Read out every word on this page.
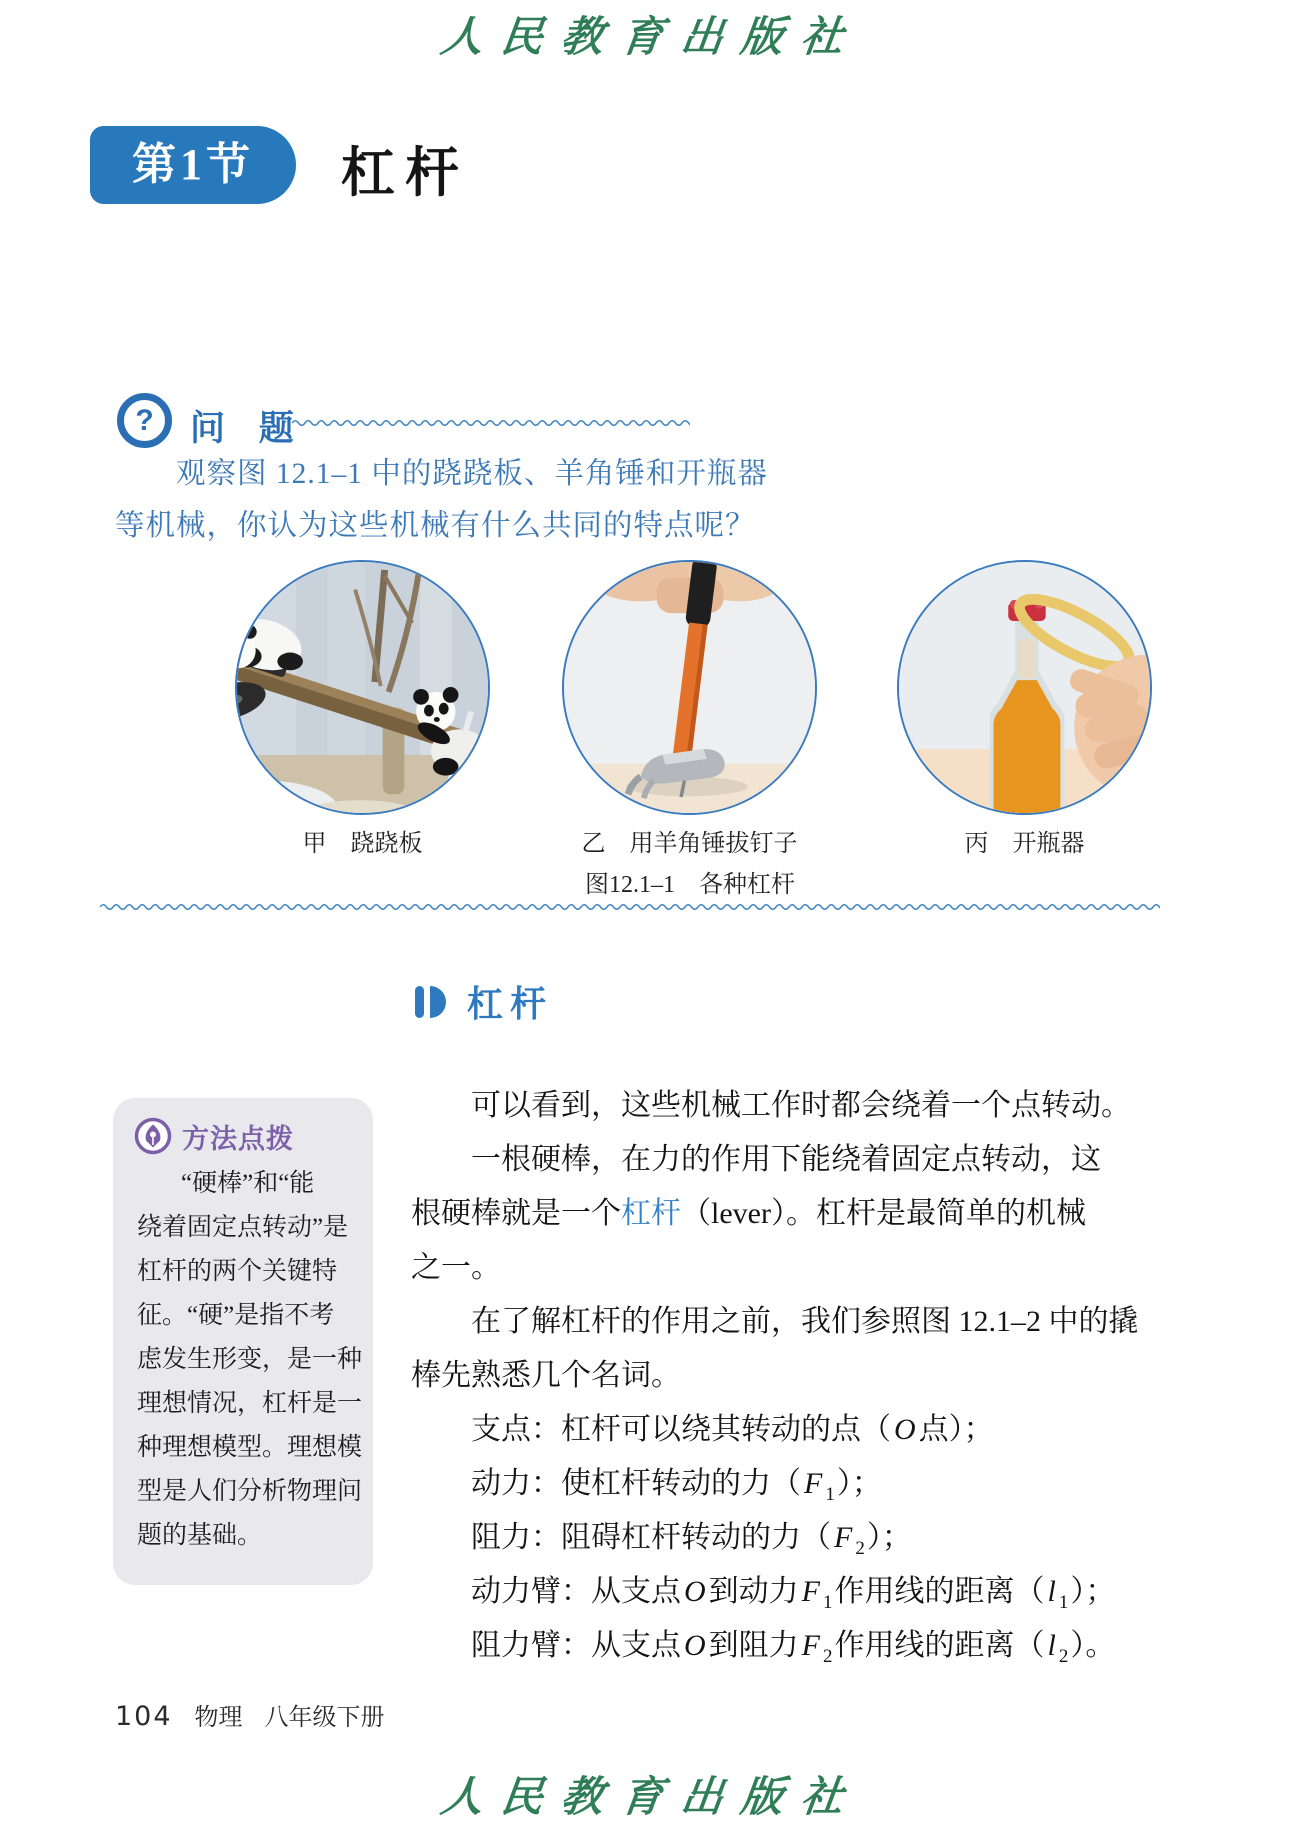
人民教育出版社
第1节	杠杆
? 问 题
观察图 12.1–1 中的跷跷板、羊角锤和开瓶器
等机械，你认为这些机械有什么共同的特点呢？
甲　跷跷板	乙　用羊角锤拔钉子	丙　开瓶器
图12.1–1　各种杠杆
杠杆
方法点拨
“硬棒”和“能
绕着固定点转动”是
杠杆的两个关键特
征。“硬”是指不考
虑发生形变，是一种
理想情况，杠杆是一
种理想模型。理想模
型是人们分析物理问
题的基础。
可以看到，这些机械工作时都会绕着一个点转动。
一根硬棒，在力的作用下能绕着固定点转动，这
根硬棒就是一个杠杆（lever）。杠杆是最简单的机械
之一。
在了解杠杆的作用之前，我们参照图 12.1–2 中的撬
棒先熟悉几个名词。
支点：杠杆可以绕其转动的点（ O 点）；
动力：使杠杆转动的力（ F $_1$）；
阻力：阻碍杠杆转动的力（ F $_2$）；
动力臂：从支点 O 到动力 F $_1$作用线的距离（ l $_1$）；
阻力臂：从支点 O 到阻力 F $_2$作用线的距离（ l $_2$）。
104 物理 八年级下册
人民教育出版社
